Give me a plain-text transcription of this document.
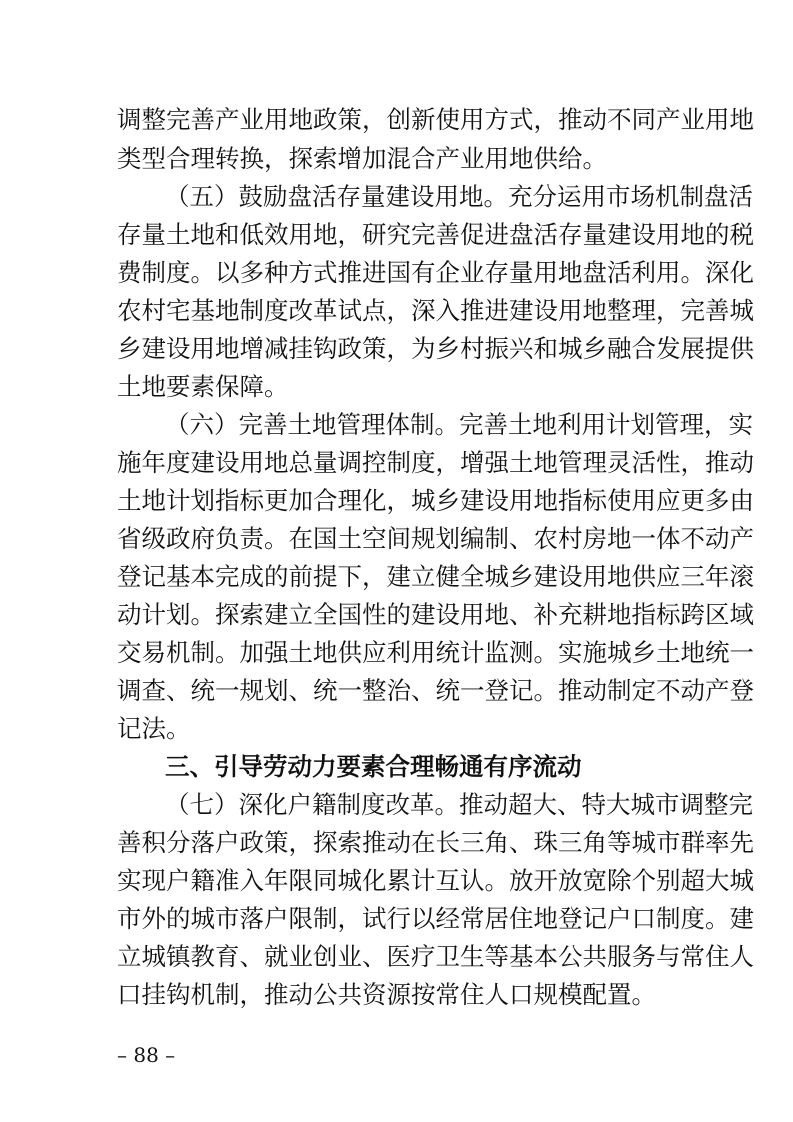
调整完善产业用地政策，创新使用方式，推动不同产业用地
类型合理转换，探索增加混合产业用地供给。
（五）鼓励盘活存量建设用地。充分运用市场机制盘活
存量土地和低效用地，研究完善促进盘活存量建设用地的税
费制度。以多种方式推进国有企业存量用地盘活利用。深化
农村宅基地制度改革试点，深入推进建设用地整理，完善城
乡建设用地增减挂钩政策，为乡村振兴和城乡融合发展提供
土地要素保障。
（六）完善土地管理体制。完善土地利用计划管理，实
施年度建设用地总量调控制度，增强土地管理灵活性，推动
土地计划指标更加合理化，城乡建设用地指标使用应更多由
省级政府负责。在国土空间规划编制、农村房地一体不动产
登记基本完成的前提下，建立健全城乡建设用地供应三年滚
动计划。探索建立全国性的建设用地、补充耕地指标跨区域
交易机制。加强土地供应利用统计监测。实施城乡土地统一
调查、统一规划、统一整治、统一登记。推动制定不动产登
记法。
三、引导劳动力要素合理畅通有序流动
（七）深化户籍制度改革。推动超大、特大城市调整完
善积分落户政策，探索推动在长三角、珠三角等城市群率先
实现户籍准入年限同城化累计互认。放开放宽除个别超大城
市外的城市落户限制，试行以经常居住地登记户口制度。建
立城镇教育、就业创业、医疗卫生等基本公共服务与常住人
口挂钩机制，推动公共资源按常住人口规模配置。
– 88 –
